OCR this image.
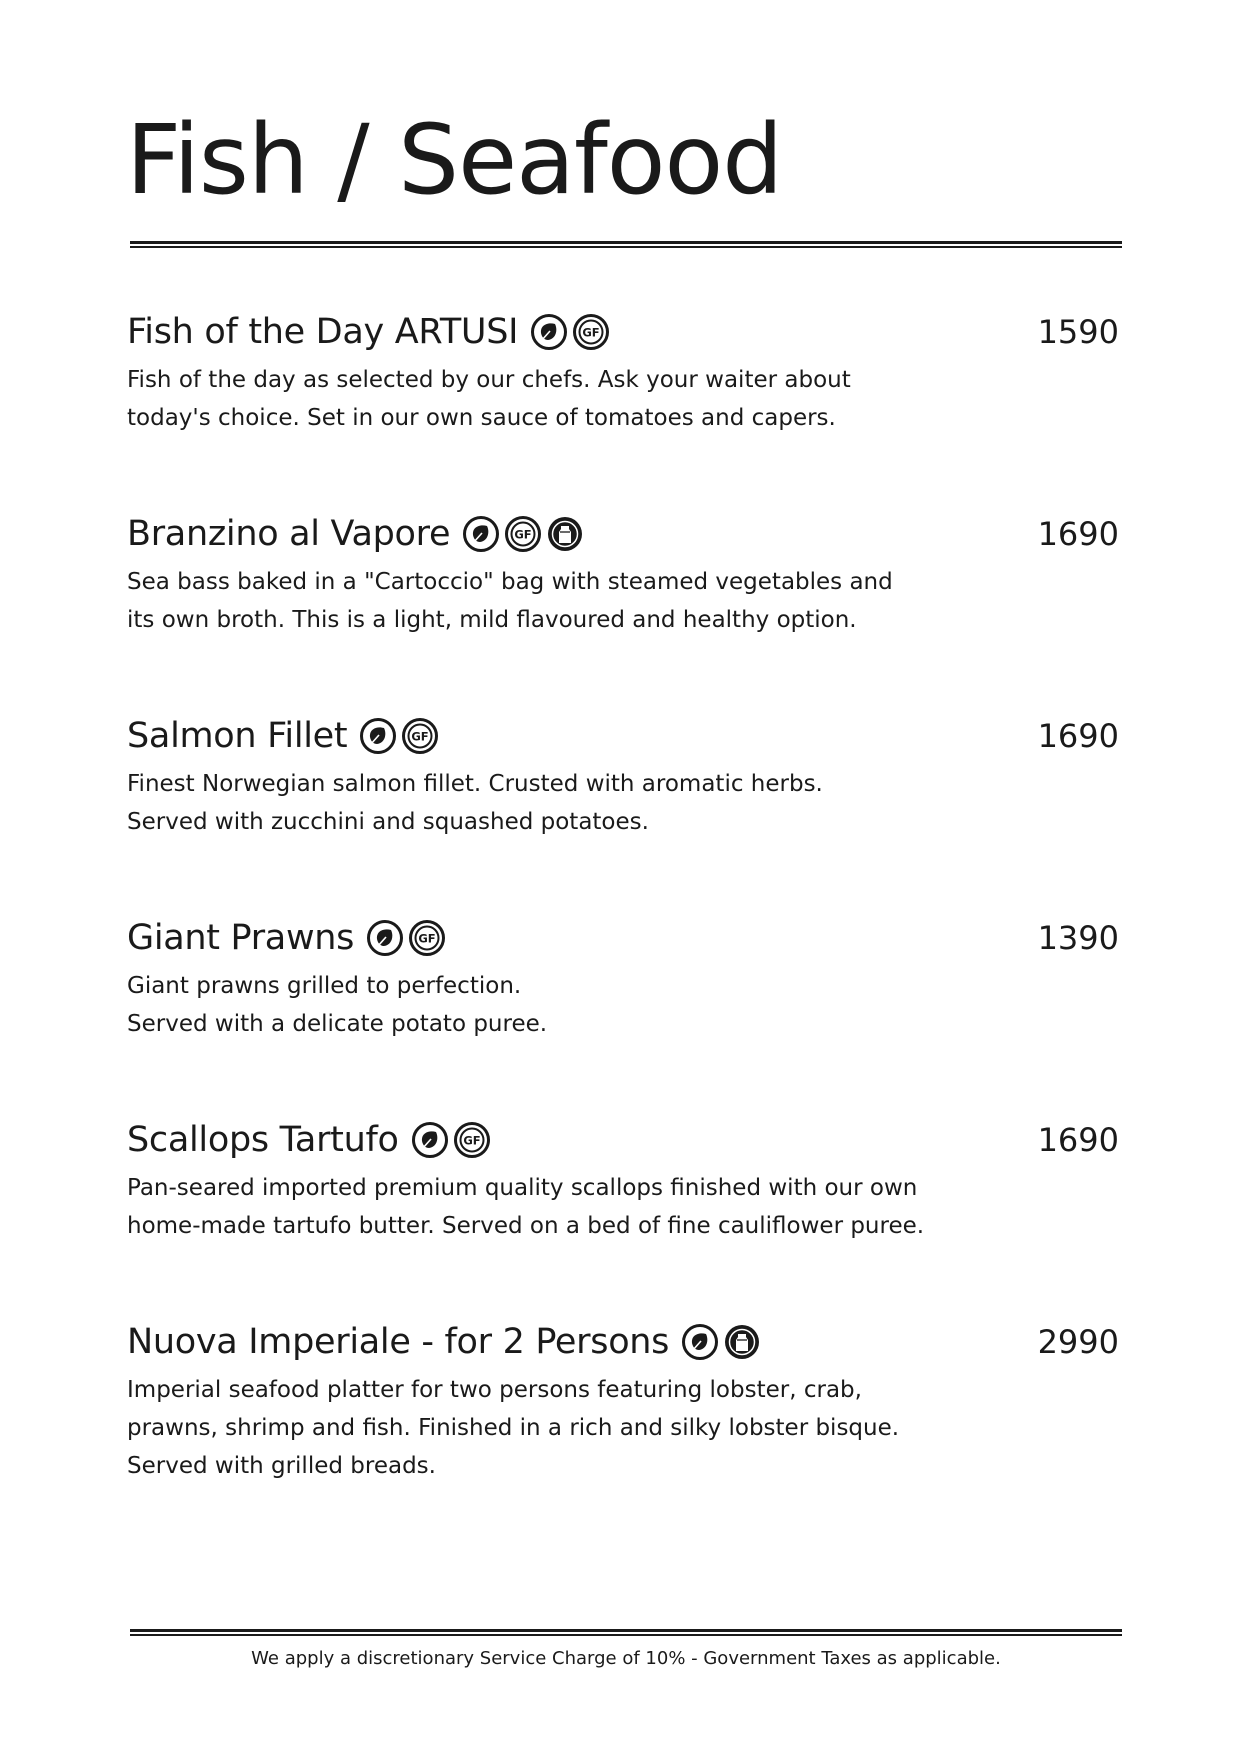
Fish / Seafood
Fish of the Day ARTUSI	GF	1590
Fish of the day as selected by our chefs. Ask your waiter about
today's choice. Set in our own sauce of tomatoes and capers.
Branzino al Vapore	GF	1690
Sea bass baked in a "Cartoccio" bag with steamed vegetables and
its own broth. This is a light, mild flavoured and healthy option.
Salmon Fillet	GF	1690
Finest Norwegian salmon fillet. Crusted with aromatic herbs.
Served with zucchini and squashed potatoes.
Giant Prawns	GF	1390
Giant prawns grilled to perfection.
Served with a delicate potato puree.
Scallops Tartufo	GF	1690
Pan-seared imported premium quality scallops finished with our own
home-made tartufo butter. Served on a bed of fine cauliflower puree.
Nuova Imperiale - for 2 Persons	2990
Imperial seafood platter for two persons featuring lobster, crab,
prawns, shrimp and fish. Finished in a rich and silky lobster bisque.
Served with grilled breads.
We apply a discretionary Service Charge of 10% - Government Taxes as applicable.
